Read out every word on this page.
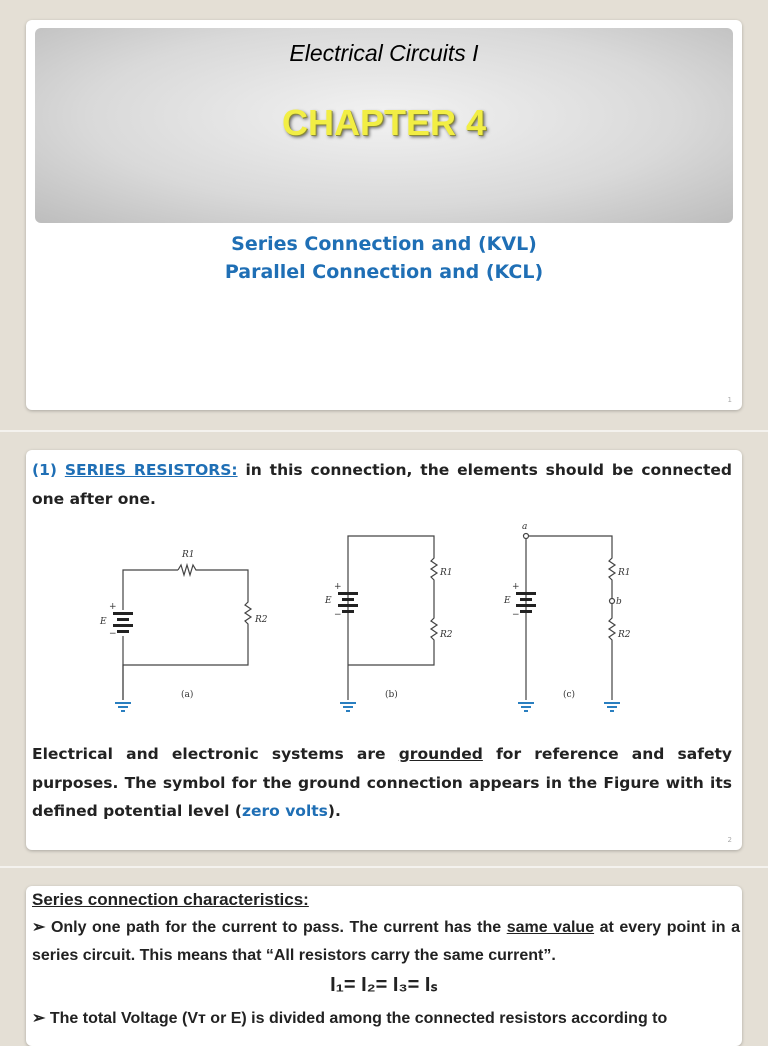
Electrical Circuits I
CHAPTER 4
Series Connection and (KVL)
Parallel Connection and (KCL)
1
(1) SERIES RESISTORS: in this connection, the elements should be connected one after one.
R1
R2
E
+
−
R1
R2
E
+
−
a
b
R1
R2
E
+
−
(a)	(b)	(c)
Electrical and electronic systems are grounded for reference and safety purposes. The symbol for the ground connection appears in the Figure with its defined potential level (zero volts).
2
Series connection characteristics:
➢ Only one path for the current to pass. The current has the same value at every point in a series circuit. This means that “All resistors carry the same current”.
I₁= I₂= I₃= Iₛ
➢ The total Voltage (Vᴛ or E) is divided among the connected resistors according to
